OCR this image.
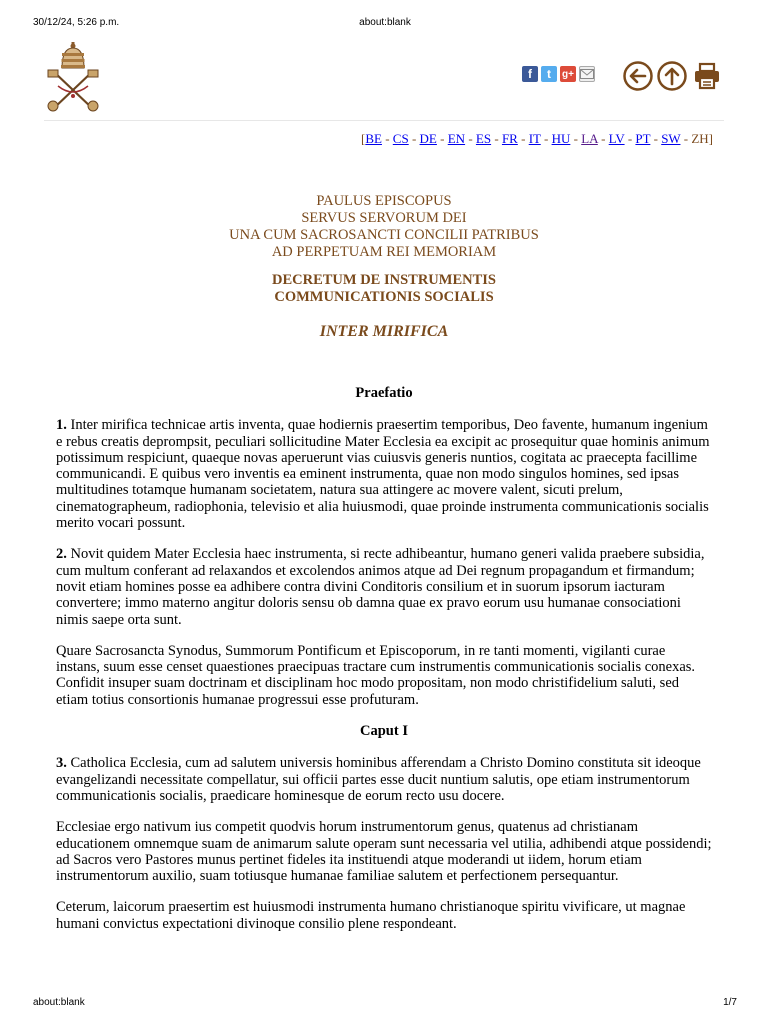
30/12/24, 5:26 p.m.	about:blank
f	t	g+
[BE - CS - DE - EN - ES - FR - IT - HU - LA - LV - PT - SW - ZH]
PAULUS EPISCOPUS
SERVUS SERVORUM DEI
UNA CUM SACROSANCTI CONCILII PATRIBUS
AD PERPETUAM REI MEMORIAM
DECRETUM DE INSTRUMENTIS
COMMUNICATIONIS SOCIALIS
INTER MIRIFICA
Praefatio

1. Inter mirifica technicae artis inventa, quae hodiernis praesertim temporibus, Deo favente, humanum ingenium e rebus creatis deprompsit, peculiari sollicitudine Mater Ecclesia ea excipit ac prosequitur quae hominis animum potissimum respiciunt, quaeque novas aperuerunt vias cuiusvis generis nuntios, cogitata ac praecepta facillime communicandi. E quibus vero inventis ea eminent instrumenta, quae non modo singulos homines, sed ipsas multitudines totamque humanam societatem, natura sua attingere ac movere valent, sicuti prelum, cinematographeum, radiophonia, televisio et alia huiusmodi, quae proinde instrumenta communicationis socialis merito vocari possunt.

2. Novit quidem Mater Ecclesia haec instrumenta, si recte adhibeantur, humano generi valida praebere subsidia, cum multum conferant ad relaxandos et excolendos animos atque ad Dei regnum propagandum et firmandum; novit etiam homines posse ea adhibere contra divini Conditoris consilium et in suorum ipsorum iacturam convertere; immo materno angitur doloris sensu ob damna quae ex pravo eorum usu humanae consociationi nimis saepe orta sunt.

Quare Sacrosancta Synodus, Summorum Pontificum et Episcoporum, in re tanti momenti, vigilanti curae instans, suum esse censet quaestiones praecipuas tractare cum instrumentis communicationis socialis conexas. Confidit insuper suam doctrinam et disciplinam hoc modo propositam, non modo christifidelium saluti, sed etiam totius consortionis humanae progressui esse profuturam.

Caput I

3. Catholica Ecclesia, cum ad salutem universis hominibus afferendam a Christo Domino constituta sit ideoque evangelizandi necessitate compellatur, sui officii partes esse ducit nuntium salutis, ope etiam instrumentorum communicationis socialis, praedicare hominesque de eorum recto usu docere.

Ecclesiae ergo nativum ius competit quodvis horum instrumentorum genus, quatenus ad christianam educationem omnemque suam de animarum salute operam sunt necessaria vel utilia, adhibendi atque possidendi; ad Sacros vero Pastores munus pertinet fideles ita instituendi atque moderandi ut iidem, horum etiam instrumentorum auxilio, suam totiusque humanae familiae salutem et perfectionem persequantur.

Ceterum, laicorum praesertim est huiusmodi instrumenta humano christianoque spiritu vivificare, ut magnae humani convictus expectationi divinoque consilio plene respondeant.

about:blank	1/7
